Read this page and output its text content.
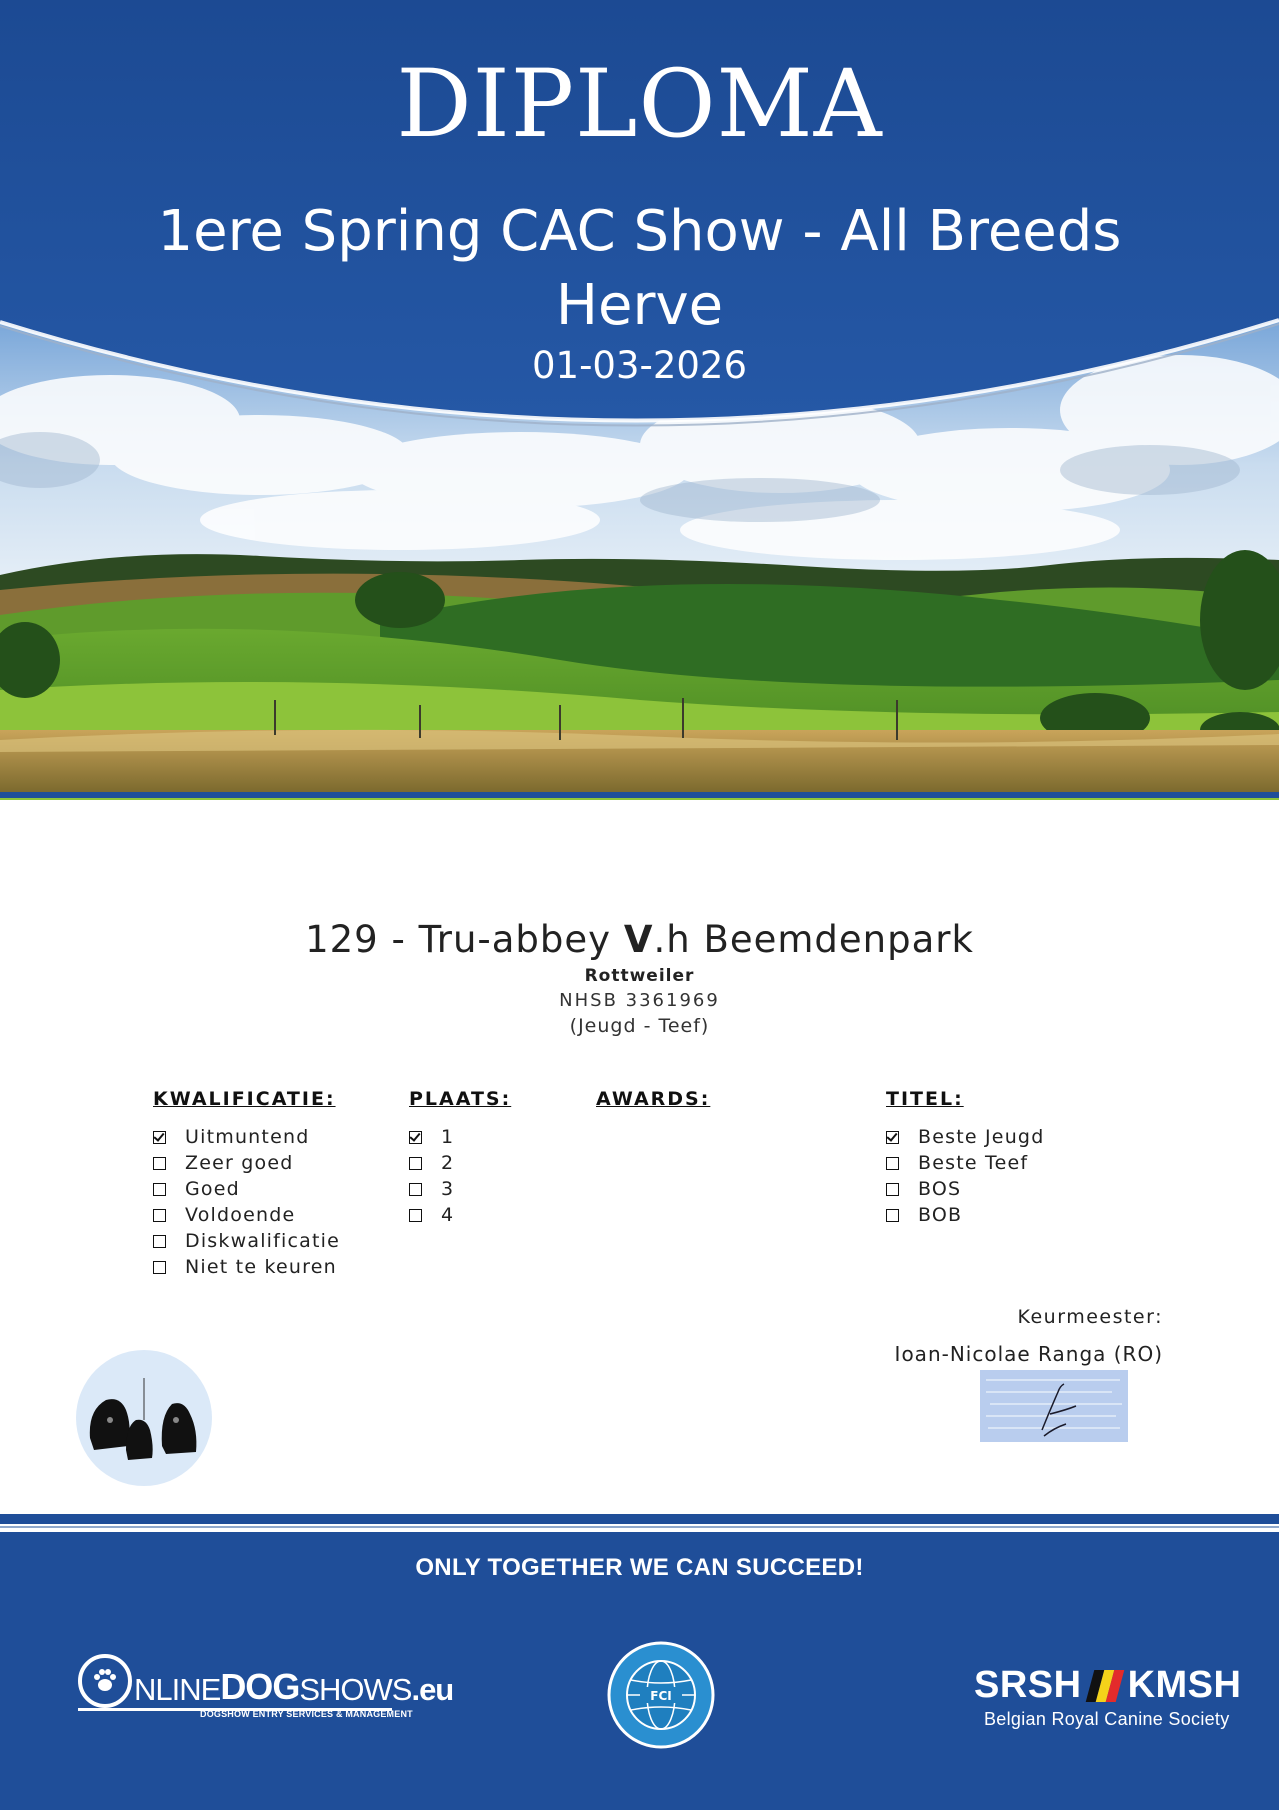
DIPLOMA
1ere Spring CAC Show - All Breeds
Herve
01-03-2026
129 - Tru-abbey V.h Beemdenpark
Rottweiler
NHSB 3361969
(Jeugd - Teef)
KWALIFICATIE:
Uitmuntend
Zeer goed
Goed
Voldoende
Diskwalificatie
Niet te keuren
PLAATS:
1
2
3
4
AWARDS:	TITEL:
Beste Jeugd
Beste Teef
BOS
BOB
Keurmeester:
Ioan-Nicolae Ranga (RO)
ONLY TOGETHER WE CAN SUCCEED!
NLINE DOG SHOWS .eu
DOGSHOW ENTRY SERVICES & MANAGEMENT
FCI	SRSH KMSH
Belgian Royal Canine Society
